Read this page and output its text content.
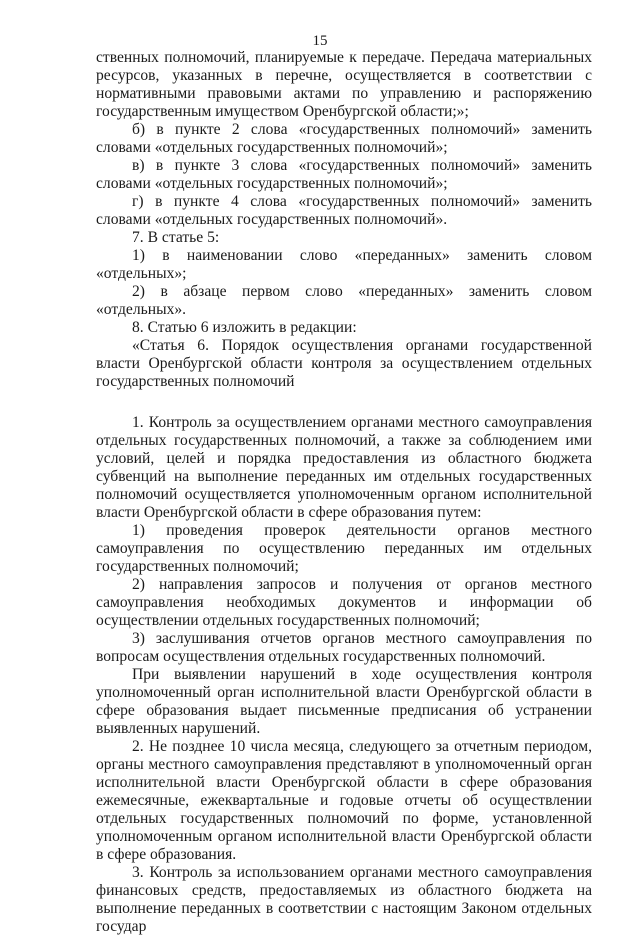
15

ственных полномочий, планируемые к передаче. Передача материальных ресурсов, указанных в перечне, осуществляется в соответствии с нормативными правовыми актами по управлению и распоряжению государственным имуществом Оренбургской области;»;

б) в пункте 2 слова «государственных полномочий» заменить словами «отдельных государственных полномочий»;

в) в пункте 3 слова «государственных полномочий» заменить словами «отдельных государственных полномочий»;

г) в пункте 4 слова «государственных полномочий» заменить словами «отдельных государственных полномочий».

7. В статье 5:

1) в наименовании слово «переданных» заменить словом «отдельных»;

2) в абзаце первом слово «переданных» заменить словом «отдельных».

8. Статью 6 изложить в редакции:

«Статья 6. Порядок осуществления органами государственной власти Оренбургской области контроля за осуществлением отдельных государственных полномочий

1. Контроль за осуществлением органами местного самоуправления отдельных государственных полномочий, а также за соблюдением ими условий, целей и порядка предоставления из областного бюджета субвенций на выполнение переданных им отдельных государственных полномочий осуществляется уполномоченным органом исполнительной власти Оренбургской области в сфере образования путем:

1) проведения проверок деятельности органов местного самоуправления по осуществлению переданных им отдельных государственных полномочий;

2) направления запросов и получения от органов местного самоуправления необходимых документов и информации об осуществлении отдельных государственных полномочий;

3) заслушивания отчетов органов местного самоуправления по вопросам осуществления отдельных государственных полномочий.

При выявлении нарушений в ходе осуществления контроля уполномоченный орган исполнительной власти Оренбургской области в сфере образования выдает письменные предписания об устранении выявленных нарушений.

2. Не позднее 10 числа месяца, следующего за отчетным периодом, органы местного самоуправления представляют в уполномоченный орган исполнительной власти Оренбургской области в сфере образования ежемесячные, ежеквартальные и годовые отчеты об осуществлении отдельных государственных полномочий по форме, установленной уполномоченным органом исполнительной власти Оренбургской области в сфере образования.

3. Контроль за использованием органами местного самоуправления финансовых средств, предоставляемых из областного бюджета на выполнение переданных в соответствии с настоящим Законом отдельных государ
